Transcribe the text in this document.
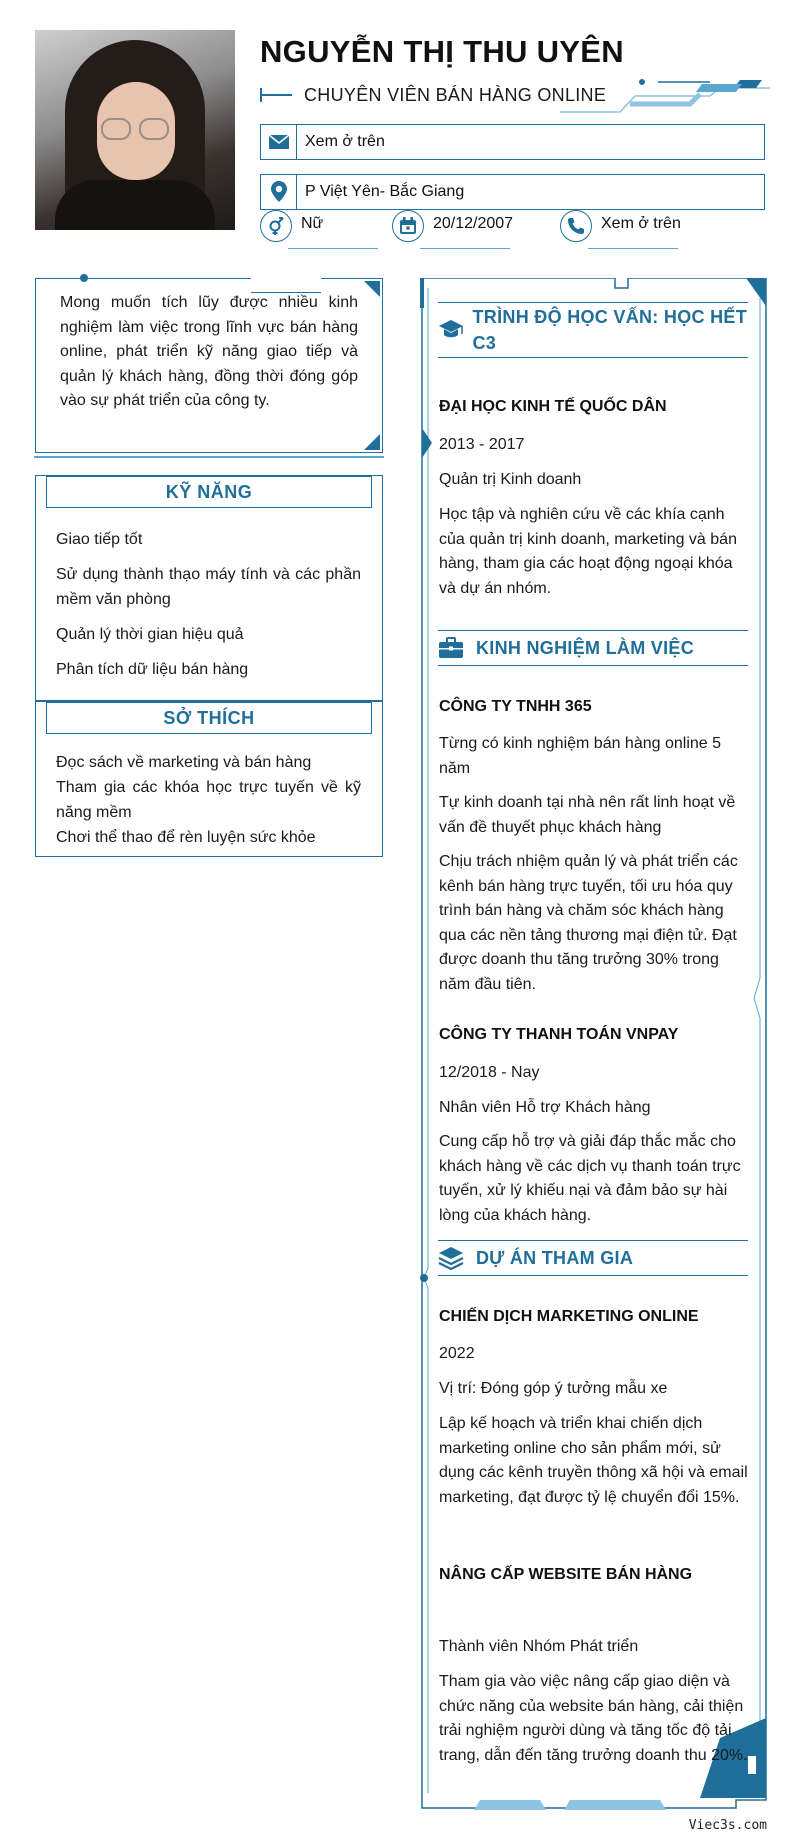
NGUYỄN THỊ THU UYÊN
CHUYÊN VIÊN BÁN HÀNG ONLINE
Xem ở trên
P Việt Yên- Bắc Giang
Nữ	20/12/2007	Xem ở trên
Mong muốn tích lũy được nhiều kinh nghiệm làm việc trong lĩnh vực bán hàng online, phát triển kỹ năng giao tiếp và quản lý khách hàng, đồng thời đóng góp vào sự phát triển của công ty.
KỸ NĂNG
Giao tiếp tốt
Sử dụng thành thạo máy tính và các phần mềm văn phòng
Quản lý thời gian hiệu quả
Phân tích dữ liệu bán hàng
SỞ THÍCH
Đọc sách về marketing và bán hàng
Tham gia các khóa học trực tuyến về kỹ năng mềm
Chơi thể thao để rèn luyện sức khỏe
TRÌNH ĐỘ HỌC VẤN: HỌC HẾT C3
ĐẠI HỌC KINH TẾ QUỐC DÂN
2013 - 2017
Quản trị Kinh doanh
Học tập và nghiên cứu về các khía cạnh của quản trị kinh doanh, marketing và bán hàng, tham gia các hoạt động ngoại khóa và dự án nhóm.
KINH NGHIỆM LÀM VIỆC
CÔNG TY TNHH 365
Từng có kinh nghiệm bán hàng online 5 năm
Tự kinh doanh tại nhà nên rất linh hoạt về vấn đề thuyết phục khách hàng
Chịu trách nhiệm quản lý và phát triển các kênh bán hàng trực tuyến, tối ưu hóa quy trình bán hàng và chăm sóc khách hàng qua các nền tảng thương mại điện tử. Đạt được doanh thu tăng trưởng 30% trong năm đầu tiên.
CÔNG TY THANH TOÁN VNPAY
12/2018 - Nay
Nhân viên Hỗ trợ Khách hàng
Cung cấp hỗ trợ và giải đáp thắc mắc cho khách hàng về các dịch vụ thanh toán trực tuyến, xử lý khiếu nại và đảm bảo sự hài lòng của khách hàng.
DỰ ÁN THAM GIA
CHIẾN DỊCH MARKETING ONLINE
2022
Vị trí: Đóng góp ý tưởng mẫu xe
Lập kế hoạch và triển khai chiến dịch marketing online cho sản phẩm mới, sử dụng các kênh truyền thông xã hội và email marketing, đạt được tỷ lệ chuyển đổi 15%.
NÂNG CẤP WEBSITE BÁN HÀNG
Thành viên Nhóm Phát triển
Tham gia vào việc nâng cấp giao diện và chức năng của website bán hàng, cải thiện trải nghiệm người dùng và tăng tốc độ tải trang, dẫn đến tăng trưởng doanh thu 20%.
Viec3s.com
